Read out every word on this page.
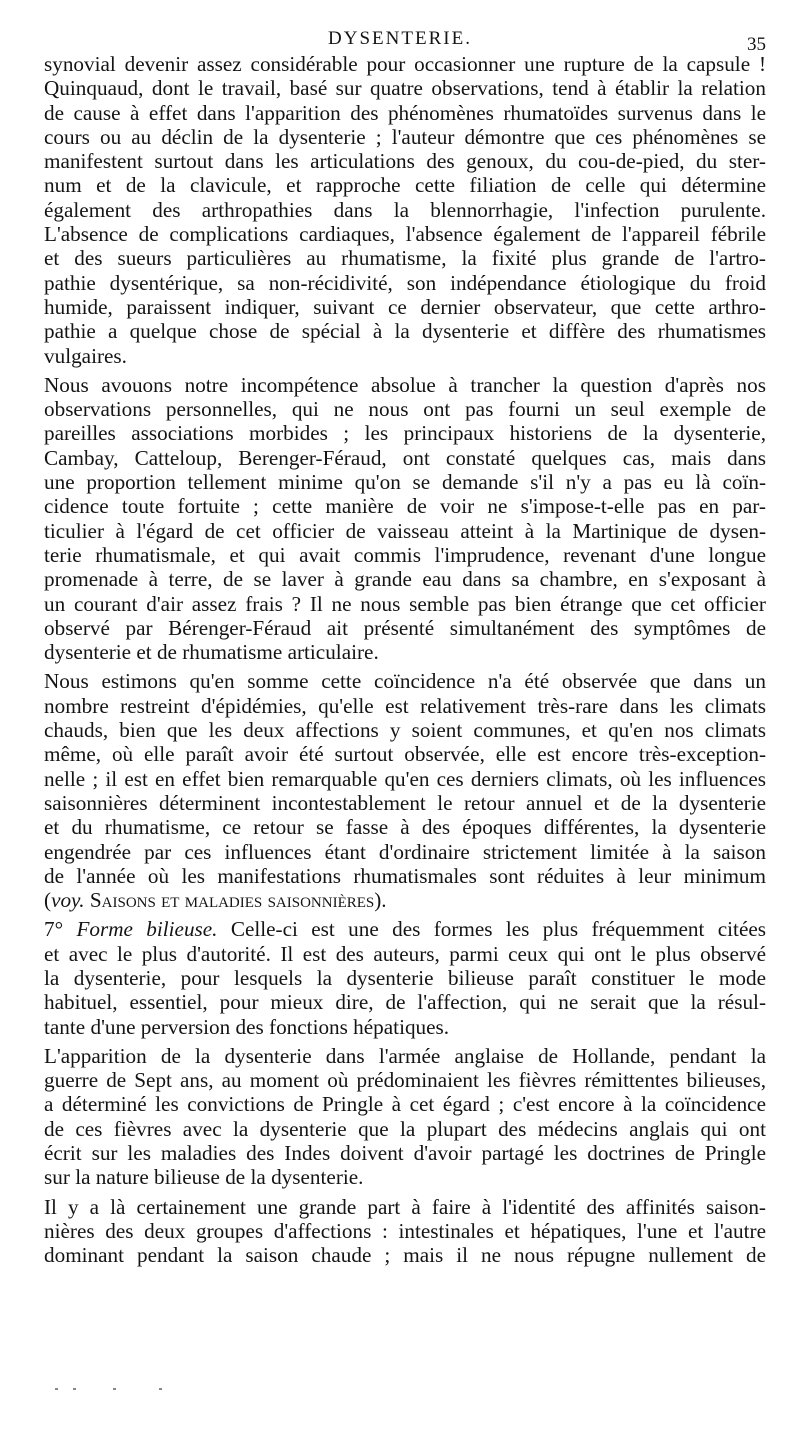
DYSENTERIE.	35
synovial devenir assez considérable pour occasionner une rupture de la capsule !
Quinquaud, dont le travail, basé sur quatre observations, tend à établir la relation
de cause à effet dans l'apparition des phénomènes rhumatoïdes survenus dans le
cours ou au déclin de la dysenterie ; l'auteur démontre que ces phénomènes se
manifestent surtout dans les articulations des genoux, du cou-de-pied, du ster-
num et de la clavicule, et rapproche cette filiation de celle qui détermine
également des arthropathies dans la blennorrhagie, l'infection purulente.
L'absence de complications cardiaques, l'absence également de l'appareil fébrile
et des sueurs particulières au rhumatisme, la fixité plus grande de l'artro-
pathie dysentérique, sa non-récidivité, son indépendance étiologique du froid
humide, paraissent indiquer, suivant ce dernier observateur, que cette arthro-
pathie a quelque chose de spécial à la dysenterie et diffère des rhumatismes
vulgaires.
Nous avouons notre incompétence absolue à trancher la question d'après nos
observations personnelles, qui ne nous ont pas fourni un seul exemple de
pareilles associations morbides ; les principaux historiens de la dysenterie,
Cambay, Catteloup, Berenger-Féraud, ont constaté quelques cas, mais dans
une proportion tellement minime qu'on se demande s'il n'y a pas eu là coïn-
cidence toute fortuite ; cette manière de voir ne s'impose-t-elle pas en par-
ticulier à l'égard de cet officier de vaisseau atteint à la Martinique de dysen-
terie rhumatismale, et qui avait commis l'imprudence, revenant d'une longue
promenade à terre, de se laver à grande eau dans sa chambre, en s'exposant à
un courant d'air assez frais ? Il ne nous semble pas bien étrange que cet officier
observé par Bérenger-Féraud ait présenté simultanément des symptômes de
dysenterie et de rhumatisme articulaire.
Nous estimons qu'en somme cette coïncidence n'a été observée que dans un
nombre restreint d'épidémies, qu'elle est relativement très-rare dans les climats
chauds, bien que les deux affections y soient communes, et qu'en nos climats
même, où elle paraît avoir été surtout observée, elle est encore très-exception-
nelle ; il est en effet bien remarquable qu'en ces derniers climats, où les influences
saisonnières déterminent incontestablement le retour annuel et de la dysenterie
et du rhumatisme, ce retour se fasse à des époques différentes, la dysenterie
engendrée par ces influences étant d'ordinaire strictement limitée à la saison
de l'année où les manifestations rhumatismales sont réduites à leur minimum
(voy. Saisons et maladies saisonnières).
7° Forme bilieuse. Celle-ci est une des formes les plus fréquemment citées
et avec le plus d'autorité. Il est des auteurs, parmi ceux qui ont le plus observé
la dysenterie, pour lesquels la dysenterie bilieuse paraît constituer le mode
habituel, essentiel, pour mieux dire, de l'affection, qui ne serait que la résul-
tante d'une perversion des fonctions hépatiques.
L'apparition de la dysenterie dans l'armée anglaise de Hollande, pendant la
guerre de Sept ans, au moment où prédominaient les fièvres rémittentes bilieuses,
a déterminé les convictions de Pringle à cet égard ; c'est encore à la coïncidence
de ces fièvres avec la dysenterie que la plupart des médecins anglais qui ont
écrit sur les maladies des Indes doivent d'avoir partagé les doctrines de Pringle
sur la nature bilieuse de la dysenterie.
Il y a là certainement une grande part à faire à l'identité des affinités saison-
nières des deux groupes d'affections : intestinales et hépatiques, l'une et l'autre
dominant pendant la saison chaude ; mais il ne nous répugne nullement de
